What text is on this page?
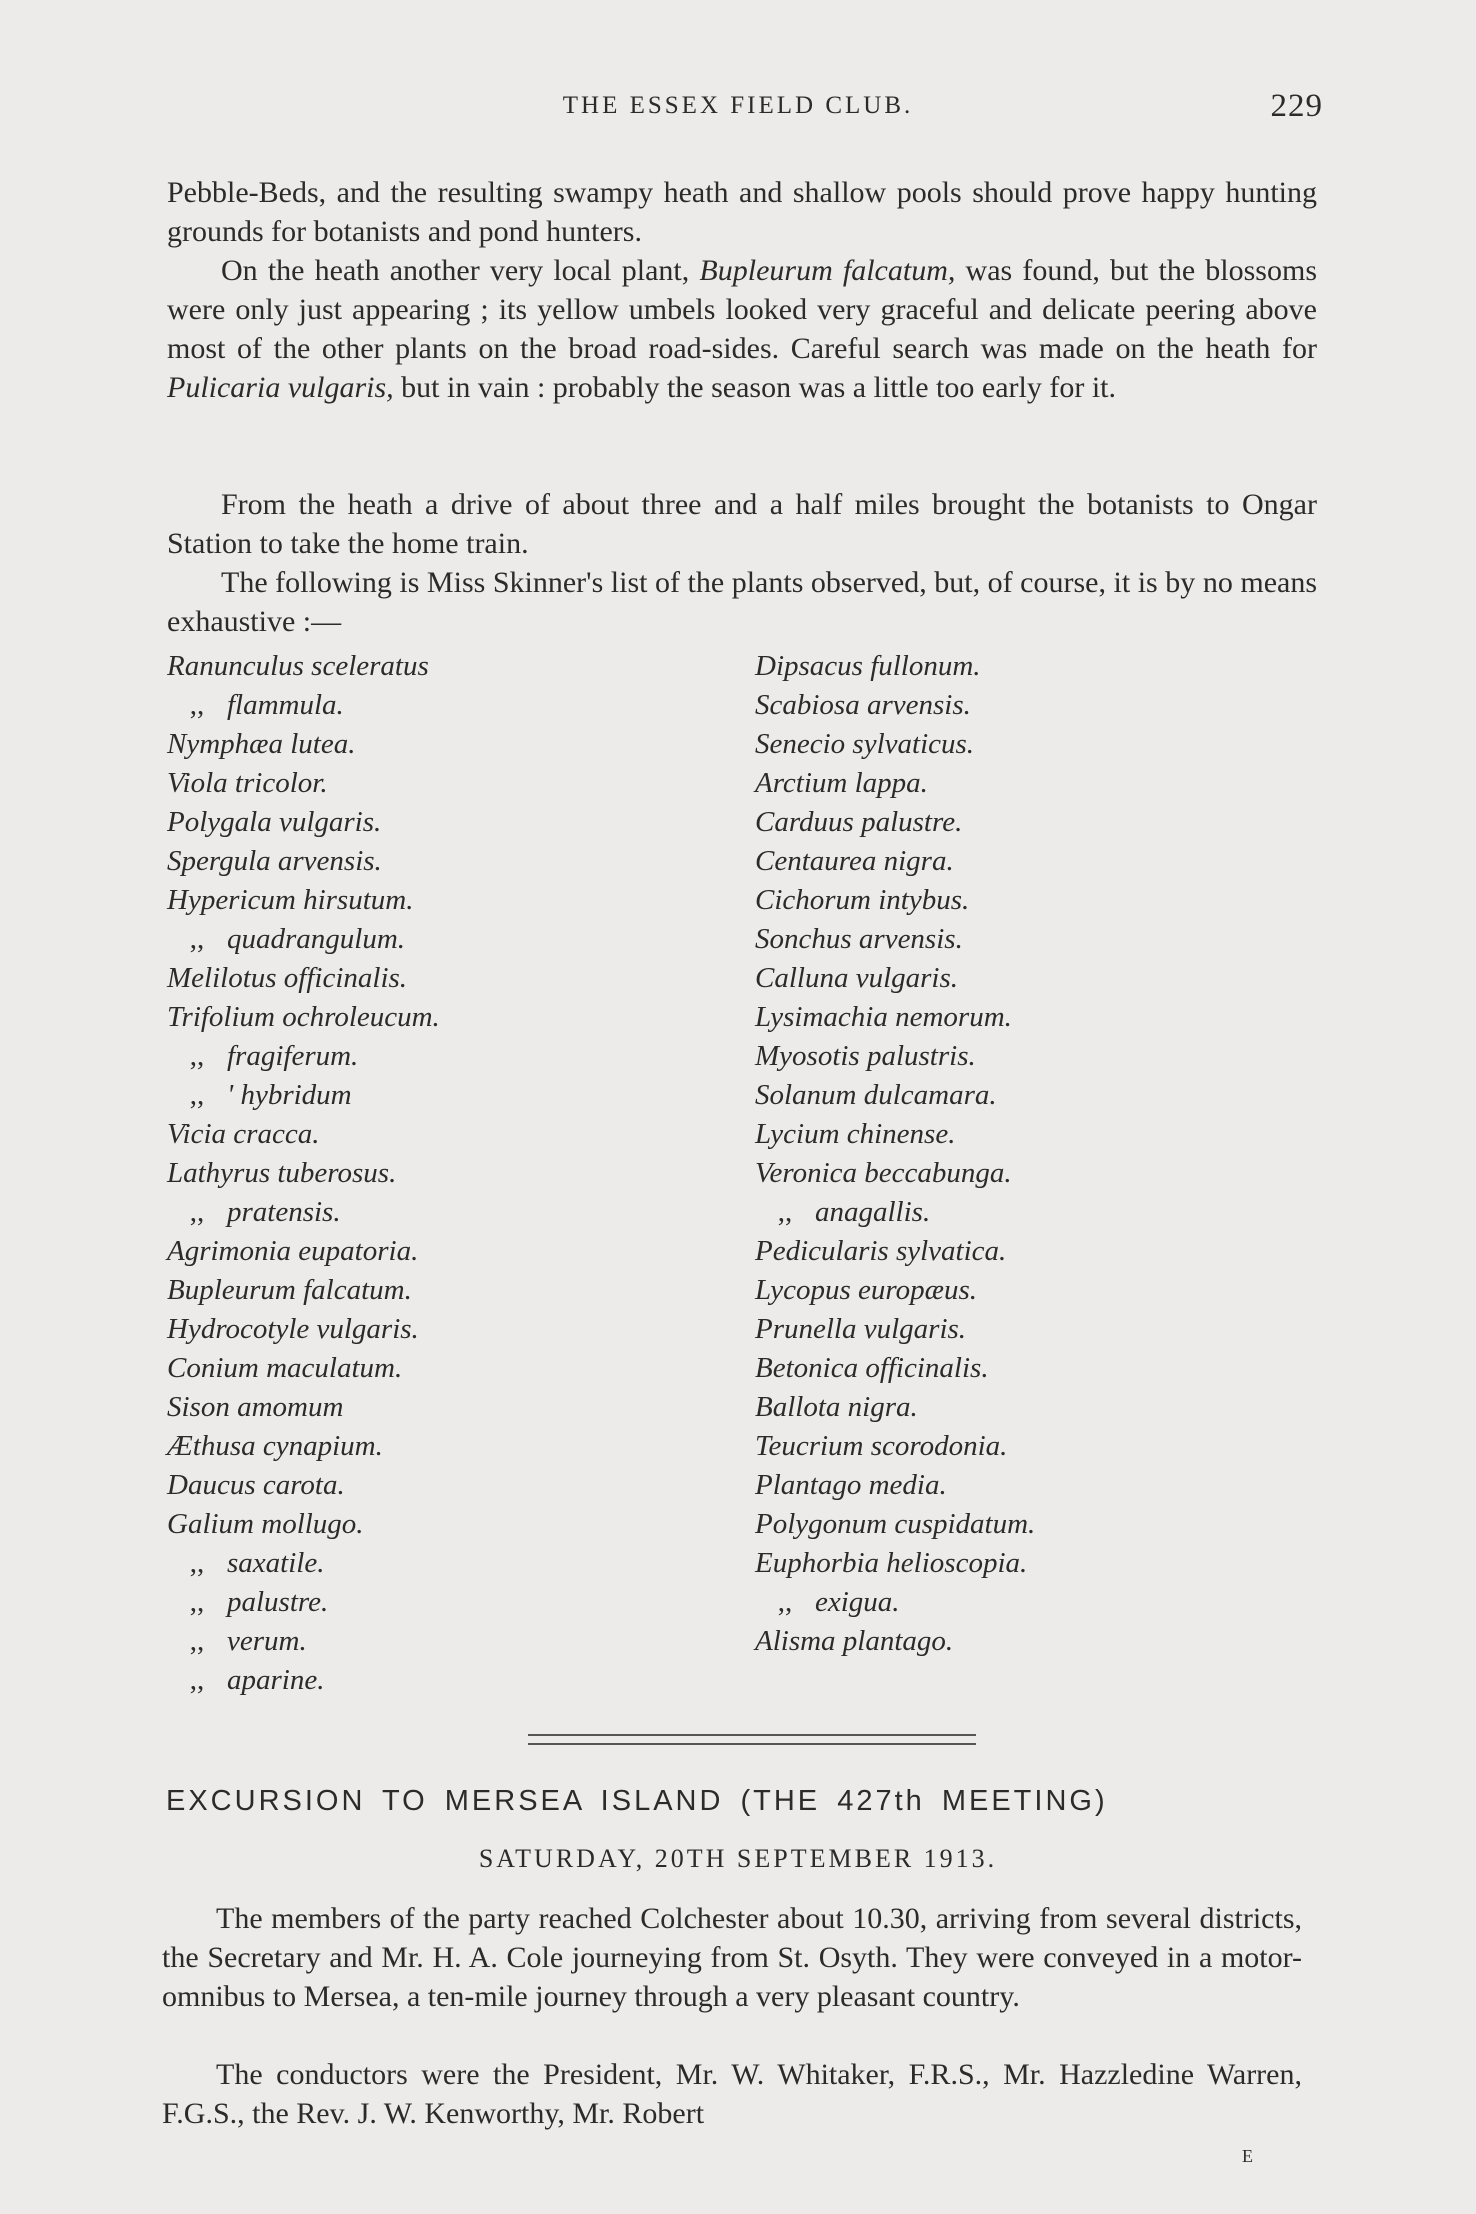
THE ESSEX FIELD CLUB.	229

Pebble-Beds, and the resulting swampy heath and shallow pools should prove happy hunting grounds for botanists and pond hunters.

On the heath another very local plant, Bupleurum falcatum, was found, but the blossoms were only just appearing ; its yellow umbels looked very graceful and delicate peering above most of the other plants on the broad road-sides. Careful search was made on the heath for Pulicaria vulgaris, but in vain : probably the season was a little too early for it.

From the heath a drive of about three and a half miles brought the botanists to Ongar Station to take the home train.

The following is Miss Skinner's list of the plants observed, but, of course, it is by no means exhaustive :—

Ranunculus sceleratus
,, flammula.
Nymphæa lutea.
Viola tricolor.
Polygala vulgaris.
Spergula arvensis.
Hypericum hirsutum.
,, quadrangulum.
Melilotus officinalis.
Trifolium ochroleucum.
,, fragiferum.
,, ' hybridum
Vicia cracca.
Lathyrus tuberosus.
,, pratensis.
Agrimonia eupatoria.
Bupleurum falcatum.
Hydrocotyle vulgaris.
Conium maculatum.
Sison amomum
Æthusa cynapium.
Daucus carota.
Galium mollugo.
,, saxatile.
,, palustre.
,, verum.
,, aparine.
Dipsacus fullonum.
Scabiosa arvensis.
Senecio sylvaticus.
Arctium lappa.
Carduus palustre.
Centaurea nigra.
Cichorum intybus.
Sonchus arvensis.
Calluna vulgaris.
Lysimachia nemorum.
Myosotis palustris.
Solanum dulcamara.
Lycium chinense.
Veronica beccabunga.
,, anagallis.
Pedicularis sylvatica.
Lycopus europæus.
Prunella vulgaris.
Betonica officinalis.
Ballota nigra.
Teucrium scorodonia.
Plantago media.
Polygonum cuspidatum.
Euphorbia helioscopia.
,, exigua.
Alisma plantago.
EXCURSION TO MERSEA ISLAND (THE 427th MEETING)
SATURDAY, 20TH SEPTEMBER 1913.

The members of the party reached Colchester about 10.30, arriving from several districts, the Secretary and Mr. H. A. Cole journeying from St. Osyth. They were conveyed in a motor-omnibus to Mersea, a ten-mile journey through a very pleasant country.

The conductors were the President, Mr. W. Whitaker, F.R.S., Mr. Hazzledine Warren, F.G.S., the Rev. J. W. Kenworthy, Mr. Robert

E
